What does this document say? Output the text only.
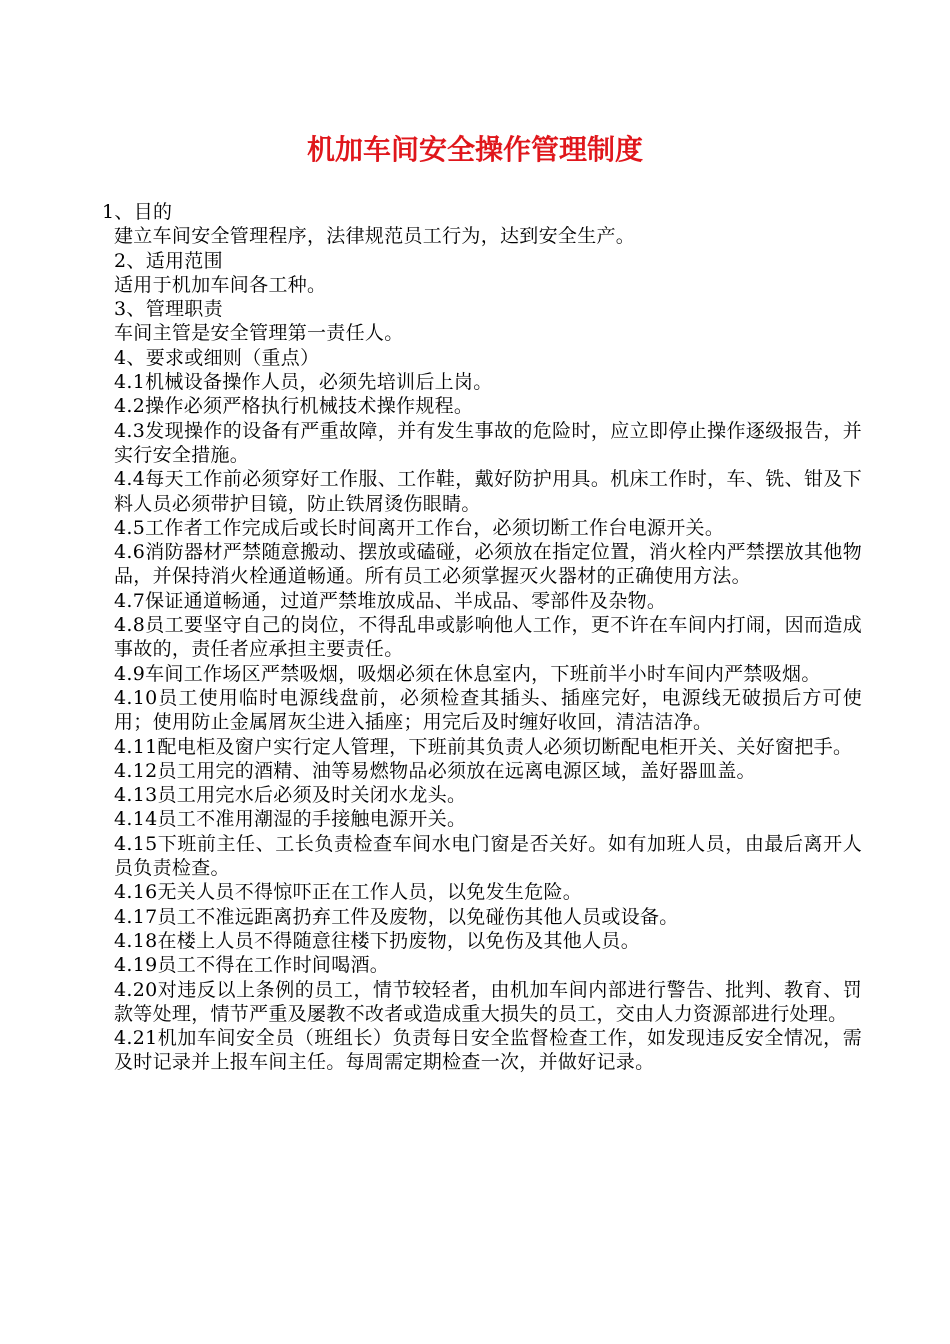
机加车间安全操作管理制度

1、目的

建立车间安全管理程序，法律规范员工行为，达到安全生产。

2、适用范围

适用于机加车间各工种。

3、管理职责

车间主管是安全管理第一责任人。

4、要求或细则（重点）

4.1机械设备操作人员，必须先培训后上岗。

4.2操作必须严格执行机械技术操作规程。

4.3发现操作的设备有严重故障，并有发生事故的危险时，应立即停止操作逐级报告，并实行安全措施。

4.4每天工作前必须穿好工作服、工作鞋，戴好防护用具。机床工作时，车、铣、钳及下料人员必须带护目镜，防止铁屑烫伤眼睛。

4.5工作者工作完成后或长时间离开工作台，必须切断工作台电源开关。

4.6消防器材严禁随意搬动、摆放或磕碰，必须放在指定位置，消火栓内严禁摆放其他物品，并保持消火栓通道畅通。所有员工必须掌握灭火器材的正确使用方法。

4.7保证通道畅通，过道严禁堆放成品、半成品、零部件及杂物。

4.8员工要坚守自己的岗位，不得乱串或影响他人工作，更不许在车间内打闹，因而造成事故的，责任者应承担主要责任。

4.9车间工作场区严禁吸烟，吸烟必须在休息室内，下班前半小时车间内严禁吸烟。

4.10员工使用临时电源线盘前，必须检查其插头、插座完好，电源线无破损后方可使用；使用防止金属屑灰尘进入插座；用完后及时缠好收回，清洁洁净。

4.11配电柜及窗户实行定人管理，下班前其负责人必须切断配电柜开关、关好窗把手。

4.12员工用完的酒精、油等易燃物品必须放在远离电源区域，盖好器皿盖。

4.13员工用完水后必须及时关闭水龙头。

4.14员工不准用潮湿的手接触电源开关。

4.15下班前主任、工长负责检查车间水电门窗是否关好。如有加班人员，由最后离开人员负责检查。

4.16无关人员不得惊吓正在工作人员，以免发生危险。

4.17员工不准远距离扔弃工件及废物，以免碰伤其他人员或设备。

4.18在楼上人员不得随意往楼下扔废物，以免伤及其他人员。

4.19员工不得在工作时间喝酒。

4.20对违反以上条例的员工，情节较轻者，由机加车间内部进行警告、批判、教育、罚款等处理，情节严重及屡教不改者或造成重大损失的员工，交由人力资源部进行处理。

4.21机加车间安全员（班组长）负责每日安全监督检查工作，如发现违反安全情况，需及时记录并上报车间主任。每周需定期检查一次，并做好记录。
